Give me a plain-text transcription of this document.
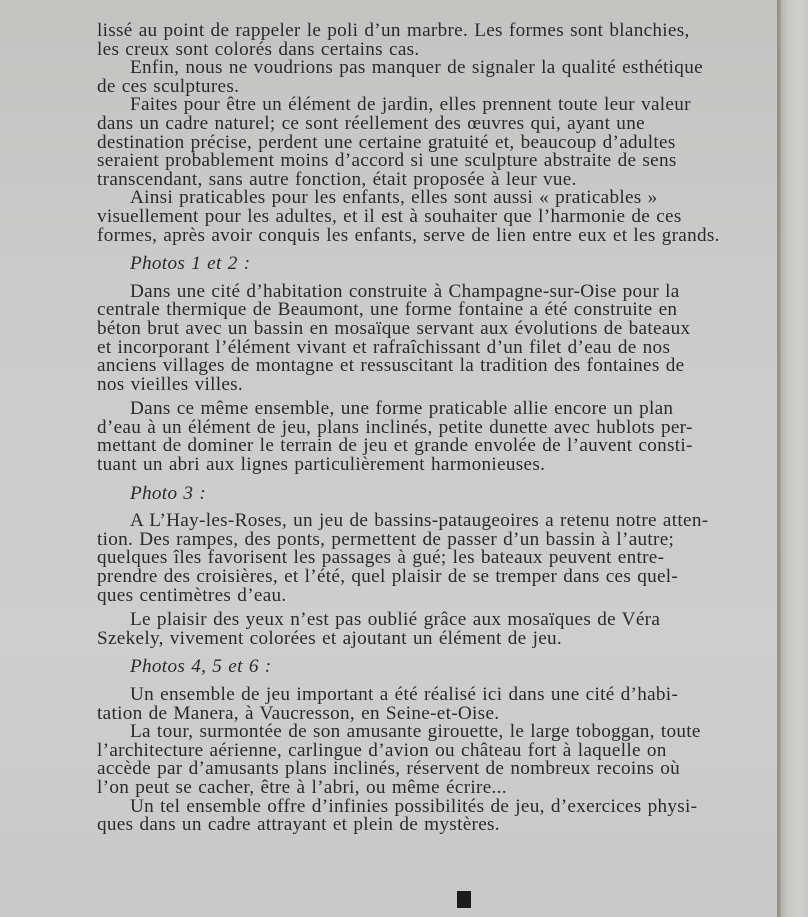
lissé au point de rappeler le poli d’un marbre. Les formes sont blanchies,
les creux sont colorés dans certains cas.
Enfin, nous ne voudrions pas manquer de signaler la qualité esthétique
de ces sculptures.
Faites pour être un élément de jardin, elles prennent toute leur valeur
dans un cadre naturel; ce sont réellement des œuvres qui, ayant une
destination précise, perdent une certaine gratuité et, beaucoup d’adultes
seraient probablement moins d’accord si une sculpture abstraite de sens
transcendant, sans autre fonction, était proposée à leur vue.
Ainsi praticables pour les enfants, elles sont aussi « praticables »
visuellement pour les adultes, et il est à souhaiter que l’harmonie de ces
formes, après avoir conquis les enfants, serve de lien entre eux et les grands.
Photos 1 et 2 :
Dans une cité d’habitation construite à Champagne-sur-Oise pour la
centrale thermique de Beaumont, une forme fontaine a été construite en
béton brut avec un bassin en mosaïque servant aux évolutions de bateaux
et incorporant l’élément vivant et rafraîchissant d’un filet d’eau de nos
anciens villages de montagne et ressuscitant la tradition des fontaines de
nos vieilles villes.
Dans ce même ensemble, une forme praticable allie encore un plan
d’eau à un élément de jeu, plans inclinés, petite dunette avec hublots per-
mettant de dominer le terrain de jeu et grande envolée de l’auvent consti-
tuant un abri aux lignes particulièrement harmonieuses.
Photo 3 :
A L’Hay-les-Roses, un jeu de bassins-pataugeoires a retenu notre atten-
tion. Des rampes, des ponts, permettent de passer d’un bassin à l’autre;
quelques îles favorisent les passages à gué; les bateaux peuvent entre-
prendre des croisières, et l’été, quel plaisir de se tremper dans ces quel-
ques centimètres d’eau.
Le plaisir des yeux n’est pas oublié grâce aux mosaïques de Véra
Szekely, vivement colorées et ajoutant un élément de jeu.
Photos 4, 5 et 6 :
Un ensemble de jeu important a été réalisé ici dans une cité d’habi-
tation de Manera, à Vaucresson, en Seine-et-Oise.
La tour, surmontée de son amusante girouette, le large toboggan, toute
l’architecture aérienne, carlingue d’avion ou château fort à laquelle on
accède par d’amusants plans inclinés, réservent de nombreux recoins où
l’on peut se cacher, être à l’abri, ou même écrire...
Un tel ensemble offre d’infinies possibilités de jeu, d’exercices physi-
ques dans un cadre attrayant et plein de mystères.
